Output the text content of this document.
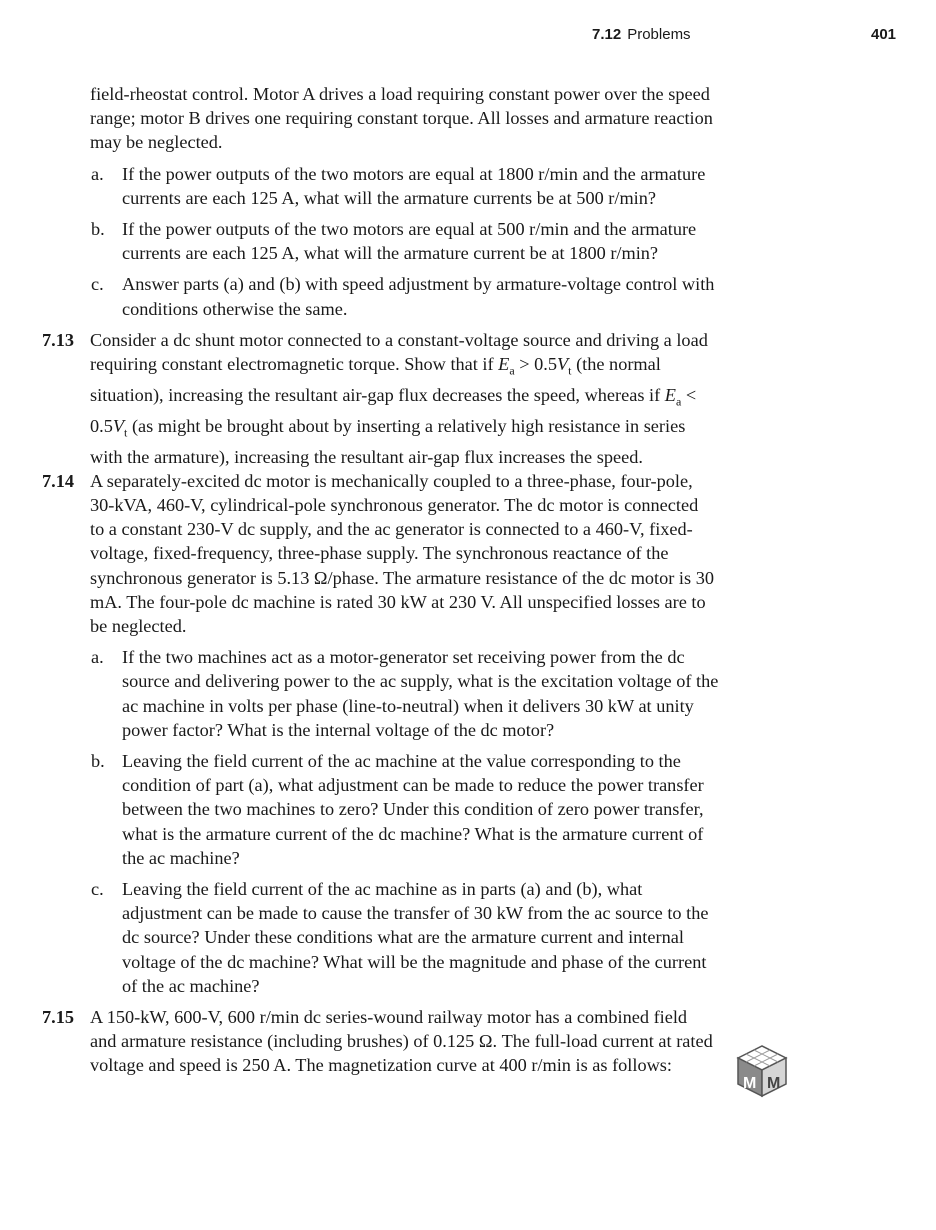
7.12 Problems	401

field-rheostat control. Motor A drives a load requiring constant power over the speed range; motor B drives one requiring constant torque. All losses and armature reaction may be neglected.

a. If the power outputs of the two motors are equal at 1800 r/min and the armature currents are each 125 A, what will the armature currents be at 500 r/min?

b. If the power outputs of the two motors are equal at 500 r/min and the armature currents are each 125 A, what will the armature current be at 1800 r/min?

c. Answer parts (a) and (b) with speed adjustment by armature-voltage control with conditions otherwise the same.

7.13 Consider a dc shunt motor connected to a constant-voltage source and driving a load requiring constant electromagnetic torque. Show that if $E_a > 0.5V_t$ (the normal situation), increasing the resultant air-gap flux decreases the speed, whereas if $E_a < 0.5V_t$ (as might be brought about by inserting a relatively high resistance in series with the armature), increasing the resultant air-gap flux increases the speed.

7.14 A separately-excited dc motor is mechanically coupled to a three-phase, four-pole, 30-kVA, 460-V, cylindrical-pole synchronous generator. The dc motor is connected to a constant 230-V dc supply, and the ac generator is connected to a 460-V, fixed-voltage, fixed-frequency, three-phase supply. The synchronous reactance of the synchronous generator is 5.13 Ω/phase. The armature resistance of the dc motor is 30 mA. The four-pole dc machine is rated 30 kW at 230 V. All unspecified losses are to be neglected.

a. If the two machines act as a motor-generator set receiving power from the dc source and delivering power to the ac supply, what is the excitation voltage of the ac machine in volts per phase (line-to-neutral) when it delivers 30 kW at unity power factor? What is the internal voltage of the dc motor?

b. Leaving the field current of the ac machine at the value corresponding to the condition of part (a), what adjustment can be made to reduce the power transfer between the two machines to zero? Under this condition of zero power transfer, what is the armature current of the dc machine? What is the armature current of the ac machine?

c. Leaving the field current of the ac machine as in parts (a) and (b), what adjustment can be made to cause the transfer of 30 kW from the ac source to the dc source? Under these conditions what are the armature current and internal voltage of the dc machine? What will be the magnitude and phase of the current of the ac machine?

7.15 A 150-kW, 600-V, 600 r/min dc series-wound railway motor has a combined field and armature resistance (including brushes) of 0.125 Ω. The full-load current at rated voltage and speed is 250 A. The magnetization curve at 400 r/min is as follows:

M M
